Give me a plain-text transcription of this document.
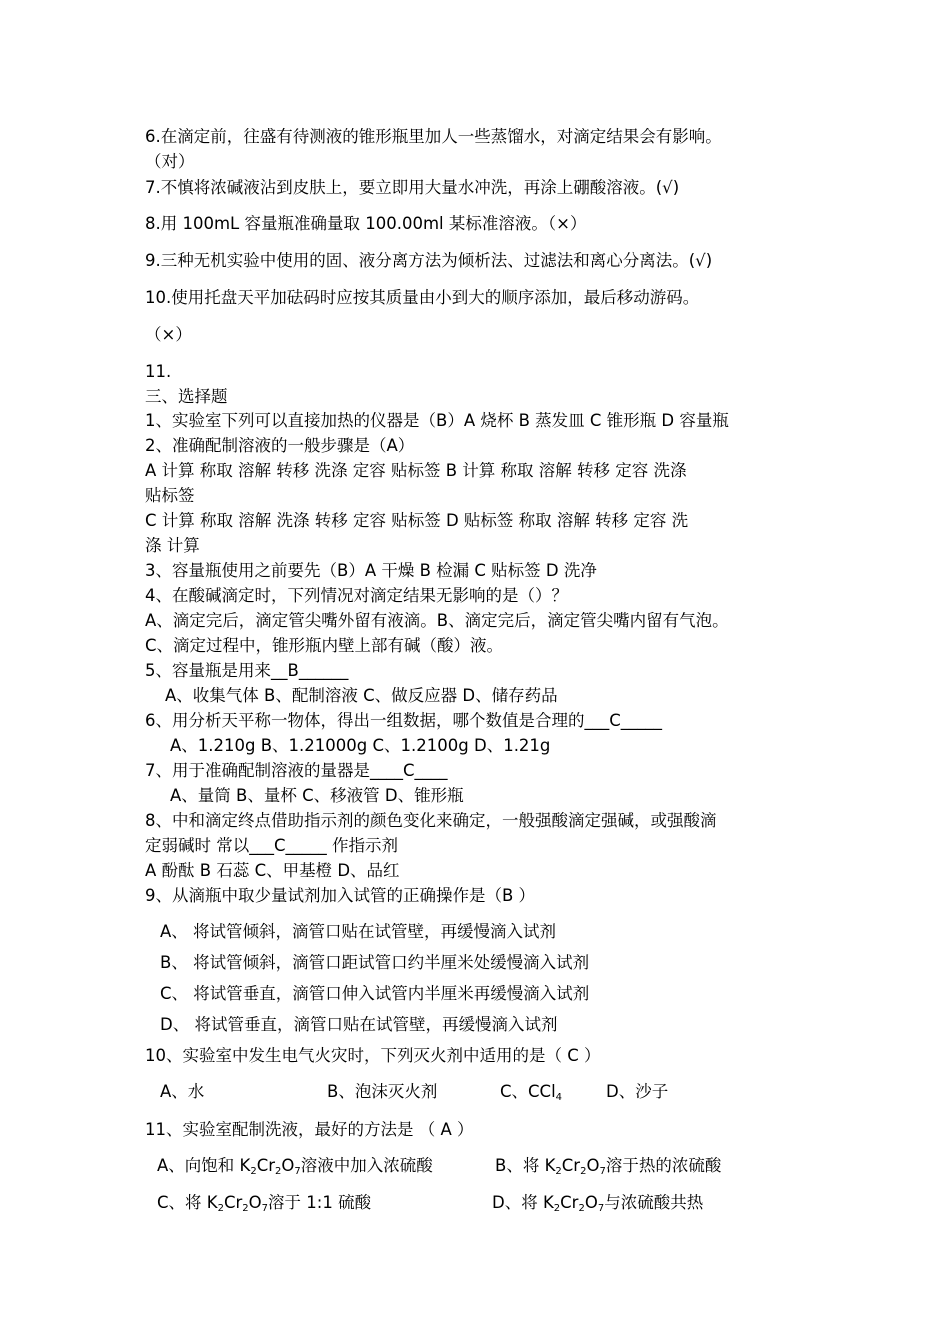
6.在滴定前，往盛有待测液的锥形瓶里加人一些蒸馏水，对滴定结果会有影响。
（对）
7.不慎将浓碱液沾到皮肤上，要立即用大量水冲洗，再涂上硼酸溶液。(√)
8.用 100mL 容量瓶准确量取 100.00ml 某标准溶液。（×）
9.三种无机实验中使用的固、液分离方法为倾析法、过滤法和离心分离法。(√)
10.使用托盘天平加砝码时应按其质量由小到大的顺序添加，最后移动游码。
（×）
11.
三、选择题
1、实验室下列可以直接加热的仪器是（B）A 烧杯 B 蒸发皿 C 锥形瓶 D 容量瓶
2、准确配制溶液的一般步骤是（A）
A 计算 称取 溶解 转移 洗涤 定容 贴标签 B 计算 称取 溶解 转移 定容 洗涤
贴标签
C 计算 称取 溶解 洗涤 转移 定容 贴标签 D 贴标签 称取 溶解 转移 定容 洗
涤 计算
3、容量瓶使用之前要先（B）A 干燥 B 检漏 C 贴标签 D 洗净
4、在酸碱滴定时，下列情况对滴定结果无影响的是（）？
A、滴定完后，滴定管尖嘴外留有液滴。B、滴定完后，滴定管尖嘴内留有气泡。
C、滴定过程中，锥形瓶内壁上部有碱（酸）液。
5、容量瓶是用来__B______
A、收集气体 B、配制溶液 C、做反应器 D、储存药品
6、用分析天平称一物体，得出一组数据，哪个数值是合理的___C_____
A、1.210g B、1.21000g C、1.2100g D、1.21g
7、用于准确配制溶液的量器是____C____
A、量筒 B、量杯 C、移液管 D、锥形瓶
8、中和滴定终点借助指示剂的颜色变化来确定，一般强酸滴定强碱，或强酸滴
定弱碱时 常以___C_____ 作指示剂
A 酚酞 B 石蕊 C、甲基橙 D、品红
9、从滴瓶中取少量试剂加入试管的正确操作是（B ）
A、 将试管倾斜，滴管口贴在试管壁，再缓慢滴入试剂
B、 将试管倾斜，滴管口距试管口约半厘米处缓慢滴入试剂
C、 将试管垂直，滴管口伸入试管内半厘米再缓慢滴入试剂
D、 将试管垂直，滴管口贴在试管壁，再缓慢滴入试剂
10、实验室中发生电气火灾时，下列灭火剂中适用的是（ C ）
A、水	B、泡沫灭火剂	C、CCl$_4$	D、沙子
11、实验室配制洗液，最好的方法是 （ A ）
A、向饱和 $K_2Cr_2O_7$溶液中加入浓硫酸	B、将 $K_2Cr_2O_7$溶于热的浓硫酸
C、将 $K_2Cr_2O_7$溶于 1:1 硫酸	D、将 $K_2Cr_2O_7$与浓硫酸共热
